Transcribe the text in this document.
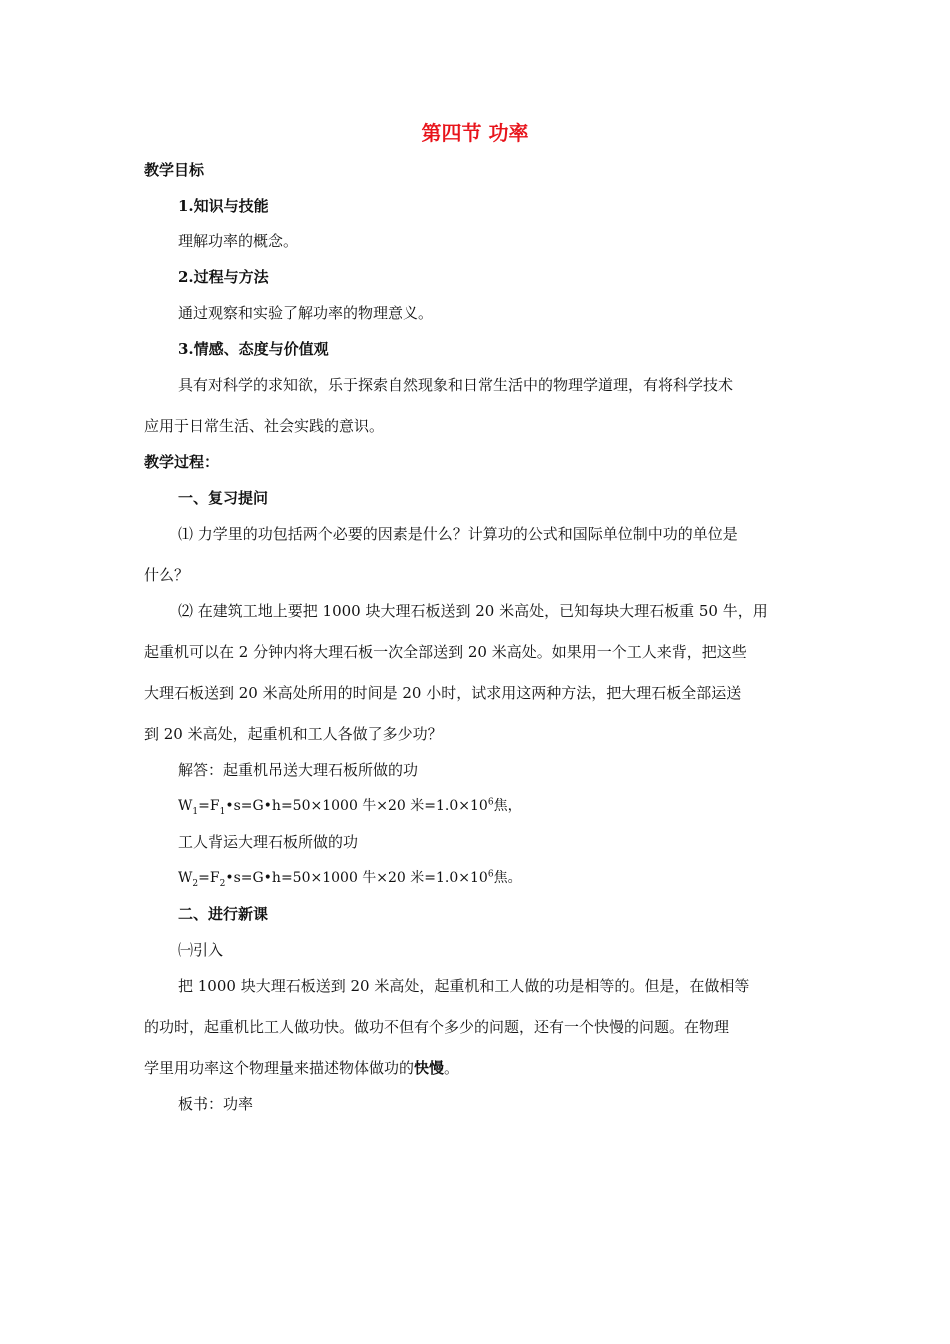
第四节 功率
教学目标
1.知识与技能
理解功率的概念。
2.过程与方法
通过观察和实验了解功率的物理意义。
3.情感、态度与价值观
具有对科学的求知欲，乐于探索自然现象和日常生活中的物理学道理，有将科学技术
应用于日常生活、社会实践的意识。
教学过程：
一、复习提问
⑴ 力学里的功包括两个必要的因素是什么？计算功的公式和国际单位制中功的单位是
什么？
⑵ 在建筑工地上要把 1000 块大理石板送到 20 米高处，已知每块大理石板重 50 牛，用
起重机可以在 2 分钟内将大理石板一次全部送到 20 米高处。如果用一个工人来背，把这些
大理石板送到 20 米高处所用的时间是 20 小时，试求用这两种方法，把大理石板全部运送
到 20 米高处，起重机和工人各做了多少功？
解答：起重机吊送大理石板所做的功
$W_1=F_1•s=G•h=50\times 1000$ 牛×20 米$=1.0\times 10^6$焦，
工人背运大理石板所做的功
$W_2=F_2•s=G•h=50\times 1000$ 牛×20 米$=1.0\times 10^6$焦。
二、进行新课
㈠引入
把 1000 块大理石板送到 20 米高处，起重机和工人做的功是相等的。但是，在做相等
的功时，起重机比工人做功快。做功不但有个多少的问题，还有一个快慢的问题。在物理
学里用功率这个物理量来描述物体做功的快慢。
板书：功率
